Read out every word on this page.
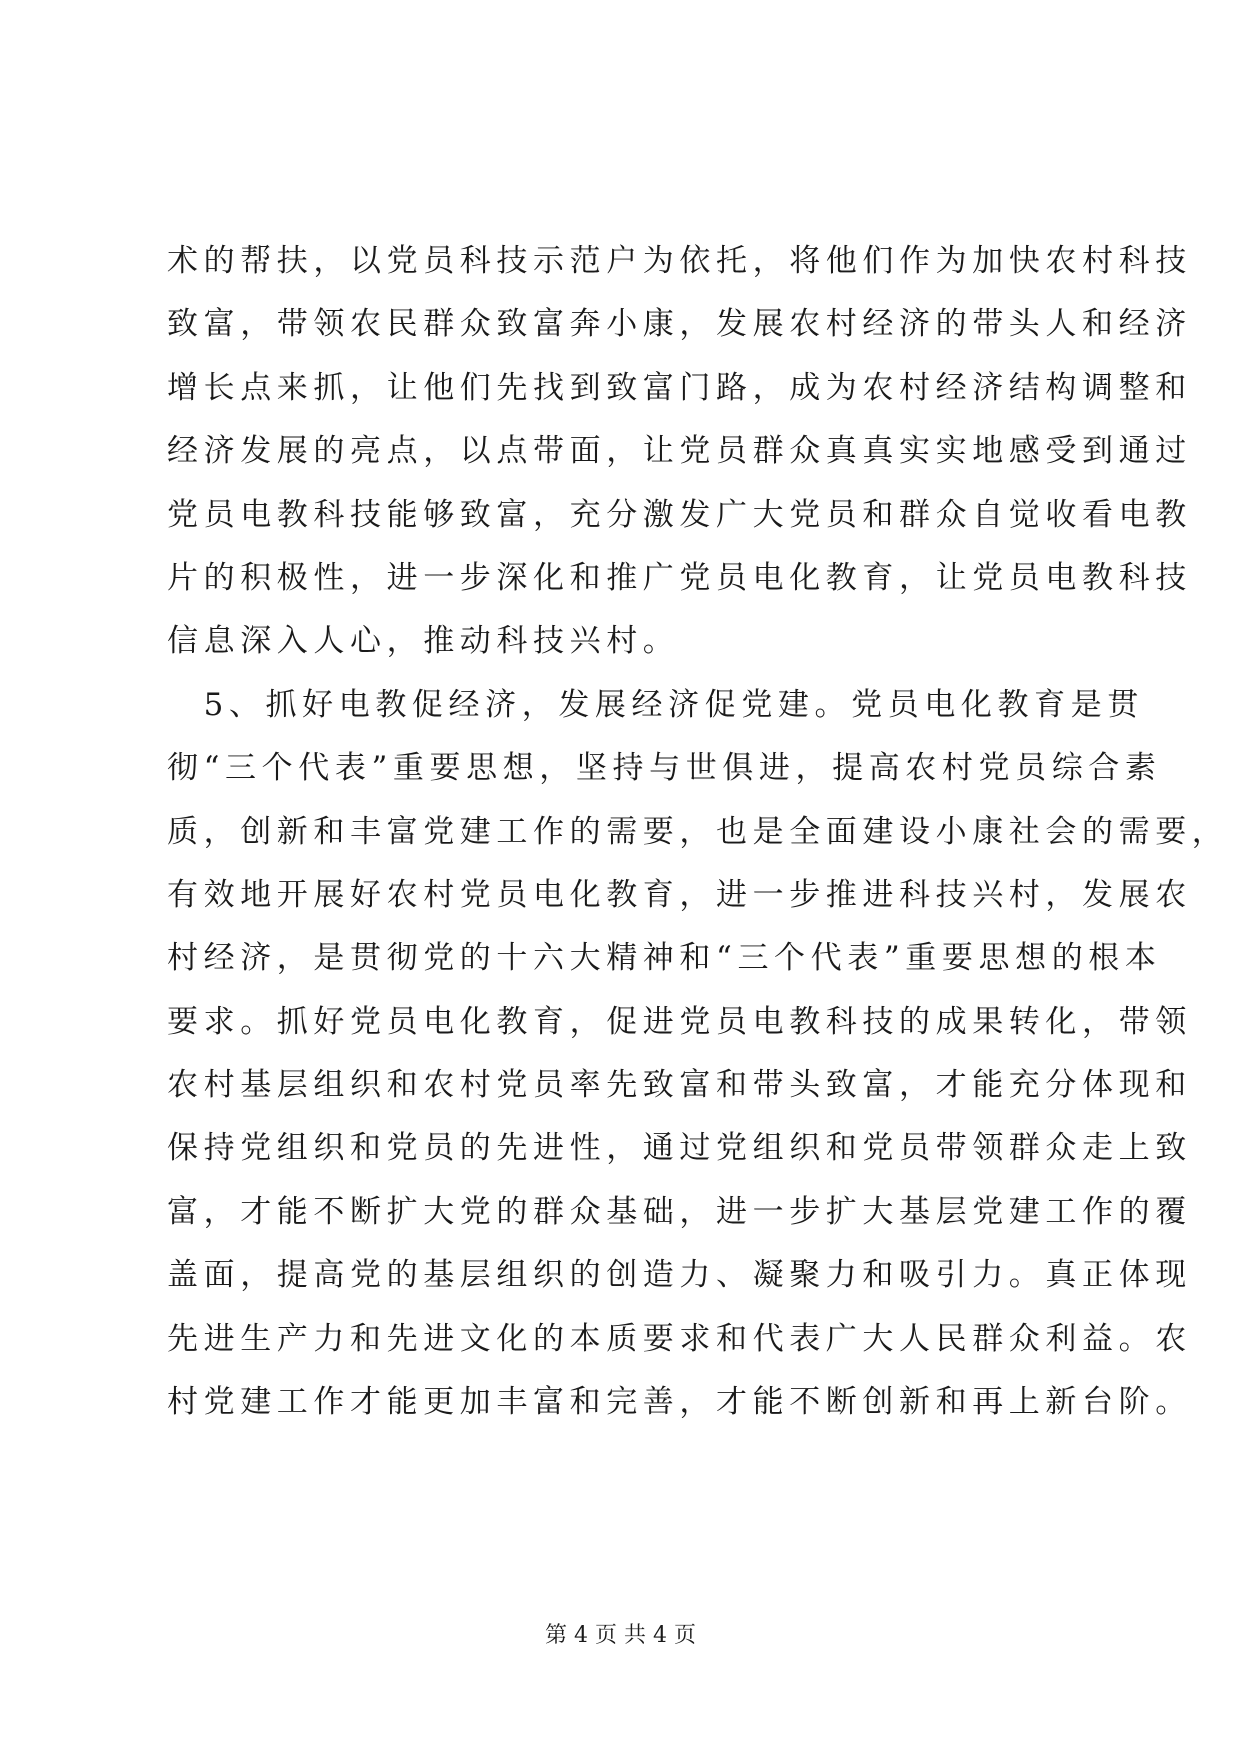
术的帮扶，以党员科技示范户为依托，将他们作为加快农村科技
致富，带领农民群众致富奔小康，发展农村经济的带头人和经济
增长点来抓，让他们先找到致富门路，成为农村经济结构调整和
经济发展的亮点，以点带面，让党员群众真真实实地感受到通过
党员电教科技能够致富，充分激发广大党员和群众自觉收看电教
片的积极性，进一步深化和推广党员电化教育，让党员电教科技
信息深入人心，推动科技兴村。
　5、抓好电教促经济，发展经济促党建。党员电化教育是贯
彻“三个代表”重要思想，坚持与世俱进，提高农村党员综合素
质，创新和丰富党建工作的需要，也是全面建设小康社会的需要，
有效地开展好农村党员电化教育，进一步推进科技兴村，发展农
村经济，是贯彻党的十六大精神和“三个代表”重要思想的根本
要求。抓好党员电化教育，促进党员电教科技的成果转化，带领
农村基层组织和农村党员率先致富和带头致富，才能充分体现和
保持党组织和党员的先进性，通过党组织和党员带领群众走上致
富，才能不断扩大党的群众基础，进一步扩大基层党建工作的覆
盖面，提高党的基层组织的创造力、凝聚力和吸引力。真正体现
先进生产力和先进文化的本质要求和代表广大人民群众利益。农
村党建工作才能更加丰富和完善，才能不断创新和再上新台阶。
第 4 页 共 4 页
